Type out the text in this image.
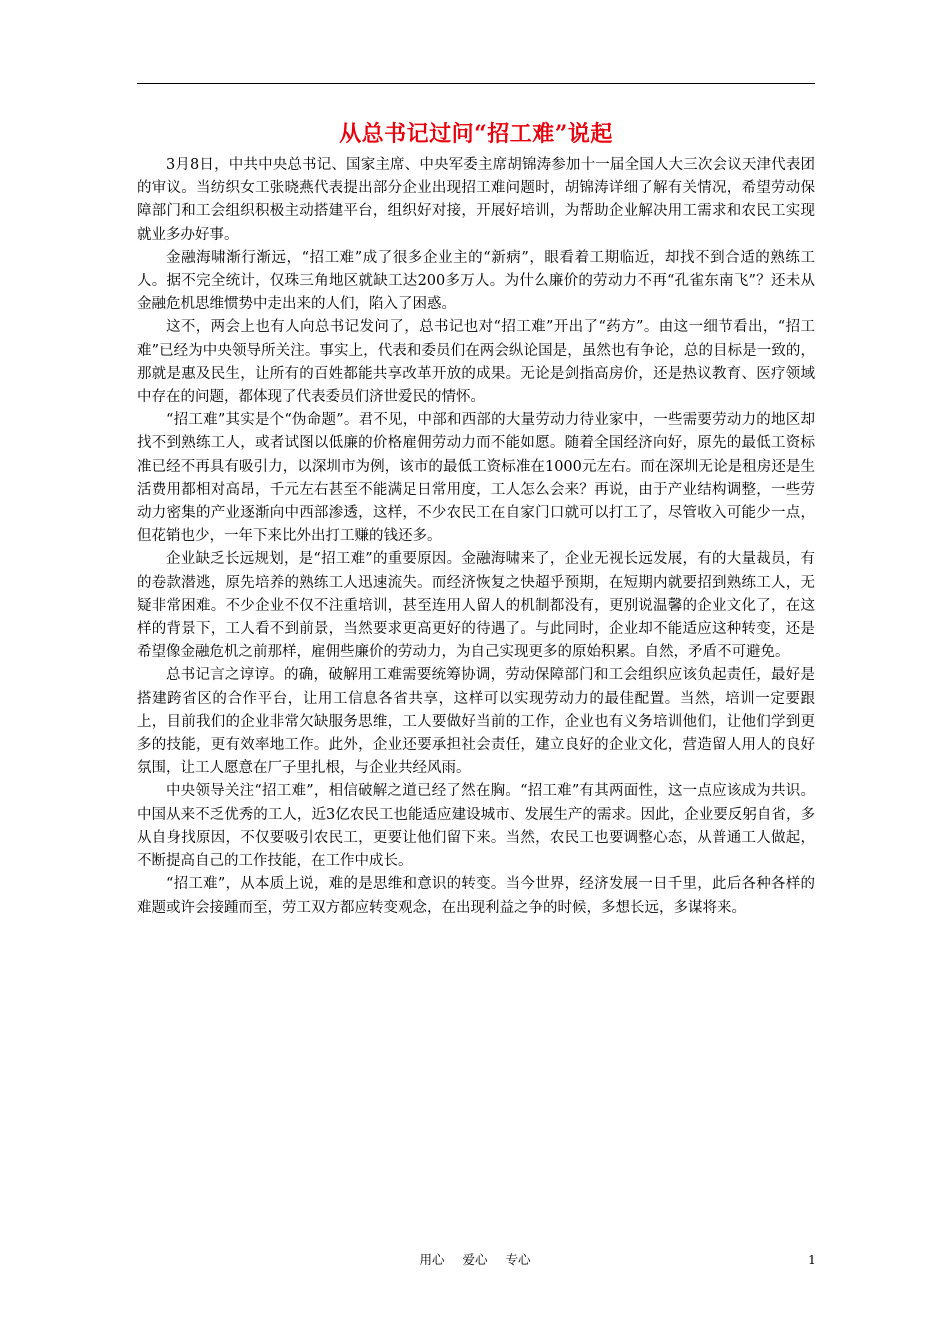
从总书记过问“招工难”说起

3月8日，中共中央总书记、国家主席、中央军委主席胡锦涛参加十一届全国人大三次会议天津代表团的审议。当纺织女工张晓燕代表提出部分企业出现招工难问题时，胡锦涛详细了解有关情况，希望劳动保障部门和工会组织积极主动搭建平台，组织好对接，开展好培训，为帮助企业解决用工需求和农民工实现就业多办好事。

金融海啸渐行渐远，“招工难”成了很多企业主的“新病”，眼看着工期临近，却找不到合适的熟练工人。据不完全统计，仅珠三角地区就缺工达200多万人。为什么廉价的劳动力不再“孔雀东南飞”？还未从金融危机思维惯势中走出来的人们，陷入了困惑。

这不，两会上也有人向总书记发问了，总书记也对“招工难”开出了“药方”。由这一细节看出，“招工难”已经为中央领导所关注。事实上，代表和委员们在两会纵论国是，虽然也有争论，总的目标是一致的，那就是惠及民生，让所有的百姓都能共享改革开放的成果。无论是剑指高房价，还是热议教育、医疗领域中存在的问题，都体现了代表委员们济世爱民的情怀。

“招工难”其实是个“伪命题”。君不见，中部和西部的大量劳动力待业家中，一些需要劳动力的地区却找不到熟练工人，或者试图以低廉的价格雇佣劳动力而不能如愿。随着全国经济向好，原先的最低工资标准已经不再具有吸引力，以深圳市为例，该市的最低工资标准在1000元左右。而在深圳无论是租房还是生活费用都相对高昂，千元左右甚至不能满足日常用度，工人怎么会来？再说，由于产业结构调整，一些劳动力密集的产业逐渐向中西部渗透，这样，不少农民工在自家门口就可以打工了，尽管收入可能少一点，但花销也少，一年下来比外出打工赚的钱还多。

企业缺乏长远规划，是“招工难”的重要原因。金融海啸来了，企业无视长远发展，有的大量裁员，有的卷款潜逃，原先培养的熟练工人迅速流失。而经济恢复之快超乎预期，在短期内就要招到熟练工人，无疑非常困难。不少企业不仅不注重培训，甚至连用人留人的机制都没有，更别说温馨的企业文化了，在这样的背景下，工人看不到前景，当然要求更高更好的待遇了。与此同时，企业却不能适应这种转变，还是希望像金融危机之前那样，雇佣些廉价的劳动力，为自己实现更多的原始积累。自然，矛盾不可避免。

总书记言之谆谆。的确，破解用工难需要统筹协调，劳动保障部门和工会组织应该负起责任，最好是搭建跨省区的合作平台，让用工信息各省共享，这样可以实现劳动力的最佳配置。当然，培训一定要跟上，目前我们的企业非常欠缺服务思维，工人要做好当前的工作，企业也有义务培训他们，让他们学到更多的技能，更有效率地工作。此外，企业还要承担社会责任，建立良好的企业文化，营造留人用人的良好氛围，让工人愿意在厂子里扎根，与企业共经风雨。

中央领导关注“招工难”，相信破解之道已经了然在胸。“招工难”有其两面性，这一点应该成为共识。中国从来不乏优秀的工人，近3亿农民工也能适应建设城市、发展生产的需求。因此，企业要反躬自省，多从自身找原因，不仅要吸引农民工，更要让他们留下来。当然，农民工也要调整心态，从普通工人做起，不断提高自己的工作技能，在工作中成长。

“招工难”，从本质上说，难的是思维和意识的转变。当今世界，经济发展一日千里，此后各种各样的难题或许会接踵而至，劳工双方都应转变观念，在出现利益之争的时候，多想长远，多谋将来。

用心 爱心 专心	1
